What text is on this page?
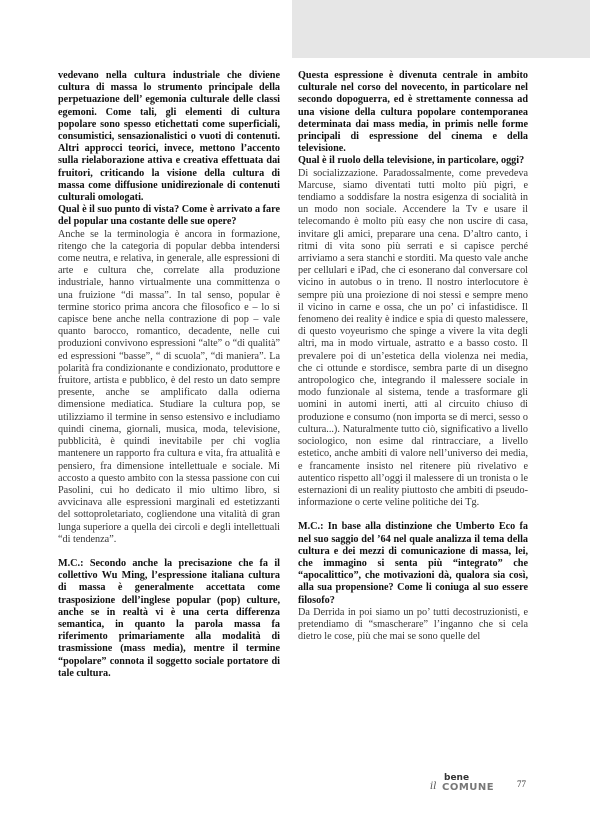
vedevano nella cultura industriale che diviene cultura di massa lo strumento principale della perpetuazione dell’ egemonia culturale delle classi egemoni. Come tali, gli elementi di cultura popolare sono spesso etichettati come superficiali, consumistici, sensazionalistici o vuoti di contenuti. Altri approcci teorici, invece, mettono l’accento sulla rielaborazione attiva e creativa effettuata dai fruitori, criticando la visione della cultura di massa come diffusione unidirezionale di contenuti culturali omologati.

Qual è il suo punto di vista? Come è arrivato a fare del popular una costante delle sue opere?

Anche se la terminologia è ancora in formazione, ritengo che la categoria di popular debba intendersi come neutra, e relativa, in generale, alle espressioni di arte e cultura che, correlate alla produzione industriale, hanno virtualmente una committenza o una fruizione “di massa”. In tal senso, popular è termine storico prima ancora che filosofico e – lo si capisce bene anche nella contrazione di pop – vale quanto barocco, romantico, decadente, nelle cui produzioni convivono espressioni “alte” o “di qualità” ed espressioni “basse”, “ di scuola”, “di maniera”. La polarità fra condizionante e condizionato, produttore e fruitore, artista e pubblico, è del resto un dato sempre presente, anche se amplificato dalla odierna dimensione mediatica. Studiare la cultura pop, se utilizziamo il termine in senso estensivo e includiamo quindi cinema, giornali, musica, moda, televisione, pubblicità, è quindi inevitabile per chi voglia mantenere un rapporto fra cultura e vita, fra attualità e pensiero, fra dimensione intellettuale e sociale. Mi accosto a questo ambito con la stessa passione con cui Pasolini, cui ho dedicato il mio ultimo libro, si avvicinava alle espressioni marginali ed estetizzanti del sottoproletariato, cogliendone una vitalità di gran lunga superiore a quella dei circoli e degli intellettuali “di tendenza”.

M.C.: Secondo anche la precisazione che fa il collettivo Wu Ming, l’espressione italiana cultura di massa è generalmente accettata come trasposizione dell’inglese popular (pop) culture, anche se in realtà vi è una certa differenza semantica, in quanto la parola massa fa riferimento primariamente alla modalità di trasmissione (mass media), mentre il termine “popolare” connota il soggetto sociale portatore di tale cultura.

Questa espressione è divenuta centrale in ambito culturale nel corso del novecento, in particolare nel secondo dopoguerra, ed è strettamente connessa ad una visione della cultura popolare contemporanea determinata dai mass media, in primis nelle forme principali di espressione del cinema e della televisione.

Qual è il ruolo della televisione, in particolare, oggi?

Di socializzazione. Paradossalmente, come prevedeva Marcuse, siamo diventati tutti molto più pigri, e tendiamo a soddisfare la nostra esigenza di socialità in un modo non sociale. Accendere la Tv e usare il telecomando è molto più easy che non uscire di casa, invitare gli amici, preparare una cena. D’altro canto, i ritmi di vita sono più serrati e si capisce perché arriviamo a sera stanchi e storditi. Ma questo vale anche per cellulari e iPad, che ci esonerano dal conversare col vicino in autobus o in treno. Il nostro interlocutore è sempre più una proiezione di noi stessi e sempre meno il vicino in carne e ossa, che un po’ ci infastidisce. Il fenomeno dei reality è indice e spia di questo malessere, di questo voyeurismo che spinge a vivere la vita degli altri, ma in modo virtuale, astratto e a basso costo. Il prevalere poi di un’estetica della violenza nei media, che ci ottunde e stordisce, sembra parte di un disegno antropologico che, integrando il malessere sociale in modo funzionale al sistema, tende a trasformare gli uomini in automi inerti, atti al circuito chiuso di produzione e consumo (non importa se di merci, sesso o cultura...). Naturalmente tutto ciò, significativo a livello sociologico, non esime dal rintracciare, a livello estetico, anche ambiti di valore nell’universo dei media, e francamente insisto nel ritenere più rivelativo e autentico rispetto all’oggi il malessere di un tronista o le esternazioni di un reality piuttosto che ambiti di pseudo-informazione o certe veline politiche dei Tg.

M.C.: In base alla distinzione che Umberto Eco fa nel suo saggio del ’64 nel quale analizza il tema della cultura e dei mezzi di comunicazione di massa, lei, che immagino si senta più “integrato” che “apocalittico”, che motivazioni dà, qualora sia così, alla sua propensione? Come li coniuga al suo essere filosofo?

Da Derrida in poi siamo un po’ tutti decostruzionisti, e pretendiamo di “smascherare” l’inganno che si cela dietro le cose, più che mai se sono quelle del

bene
il COMUNE	77
